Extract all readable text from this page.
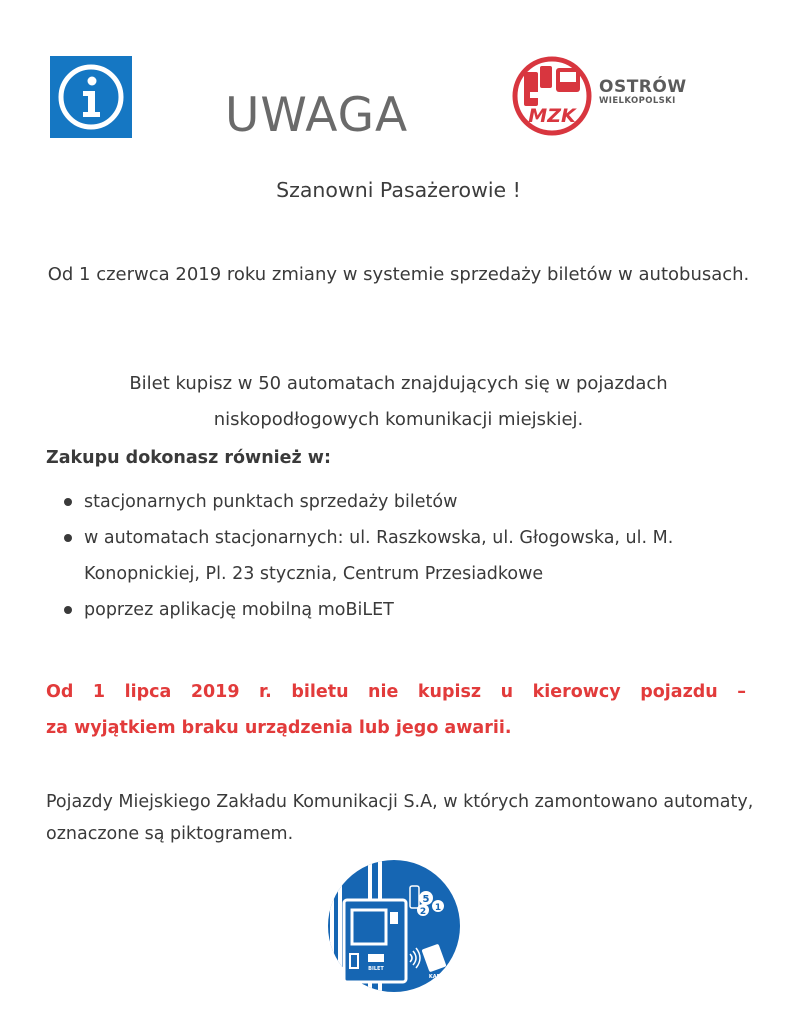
UWAGA	MZK
OSTRÓW
WIELKOPOLSKI
Szanowni Pasażerowie !
Od 1 czerwca 2019 roku zmiany w systemie sprzedaży biletów w autobusach.
Bilet kupisz w 50 automatach znajdujących się w pojazdach niskopodłogowych komunikacji miejskiej.
Zakupu dokonasz również w:
stacjonarnych punktach sprzedaży biletów
w automatach stacjonarnych: ul. Raszkowska, ul. Głogowska, ul. M. Konopnickiej, Pl. 23 stycznia, Centrum Przesiadkowe
poprzez aplikację mobilną moBiLET
Od 1 lipca 2019 r. biletu nie kupisz u kierowcy pojazdu –
za wyjątkiem braku urządzenia lub jego awarii.
Pojazdy Miejskiego Zakładu Komunikacji S.A, w których zamontowano automaty, oznaczone są piktogramem.
BILET
5
1
2
KARTA
